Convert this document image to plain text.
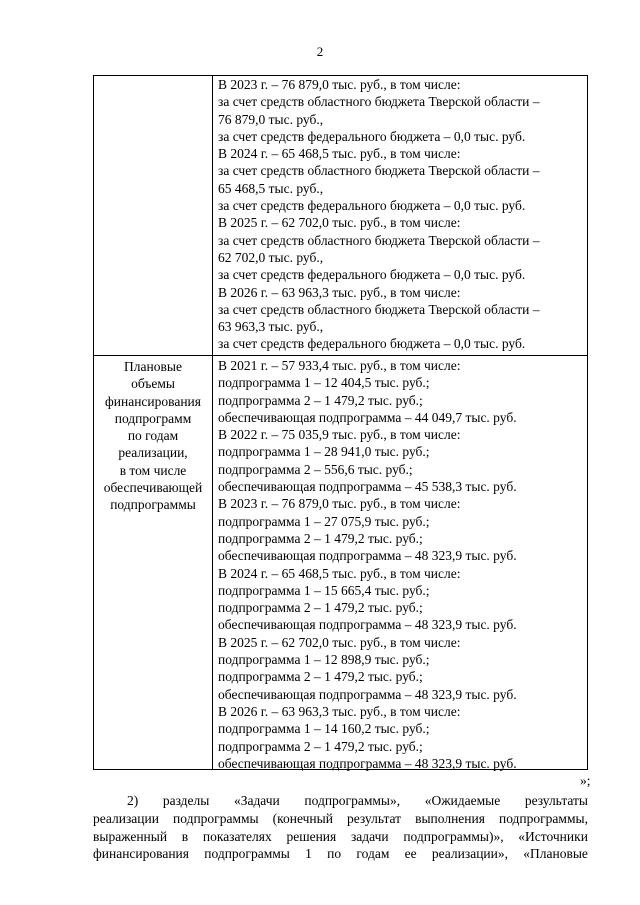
2
В 2023 г. – 76 879,0 тыс. руб., в том числе:
за счет средств областного бюджета Тверской области –
76 879,0 тыс. руб.,
за счет средств федерального бюджета – 0,0 тыс. руб.
В 2024 г. – 65 468,5 тыс. руб., в том числе:
за счет средств областного бюджета Тверской области –
65 468,5 тыс. руб.,
за счет средств федерального бюджета – 0,0 тыс. руб.
В 2025 г. – 62 702,0 тыс. руб., в том числе:
за счет средств областного бюджета Тверской области –
62 702,0 тыс. руб.,
за счет средств федерального бюджета – 0,0 тыс. руб.
В 2026 г. – 63 963,3 тыс. руб., в том числе:
за счет средств областного бюджета Тверской области –
63 963,3 тыс. руб.,
за счет средств федерального бюджета – 0,0 тыс. руб.
Плановые
объемы
финансирования
подпрограмм
по годам
реализации,
в том числе
обеспечивающей
подпрограммы
В 2021 г. – 57 933,4 тыс. руб., в том числе:
подпрограмма 1 – 12 404,5 тыс. руб.;
подпрограмма 2 – 1 479,2 тыс. руб.;
обеспечивающая подпрограмма – 44 049,7 тыс. руб.
В 2022 г. – 75 035,9 тыс. руб., в том числе:
подпрограмма 1 – 28 941,0 тыс. руб.;
подпрограмма 2 – 556,6 тыс. руб.;
обеспечивающая подпрограмма – 45 538,3 тыс. руб.
В 2023 г. – 76 879,0 тыс. руб., в том числе:
подпрограмма 1 – 27 075,9 тыс. руб.;
подпрограмма 2 – 1 479,2 тыс. руб.;
обеспечивающая подпрограмма – 48 323,9 тыс. руб.
В 2024 г. – 65 468,5 тыс. руб., в том числе:
подпрограмма 1 – 15 665,4 тыс. руб.;
подпрограмма 2 – 1 479,2 тыс. руб.;
обеспечивающая подпрограмма – 48 323,9 тыс. руб.
В 2025 г. – 62 702,0 тыс. руб., в том числе:
подпрограмма 1 – 12 898,9 тыс. руб.;
подпрограмма 2 – 1 479,2 тыс. руб.;
обеспечивающая подпрограмма – 48 323,9 тыс. руб.
В 2026 г. – 63 963,3 тыс. руб., в том числе:
подпрограмма 1 – 14 160,2 тыс. руб.;
подпрограмма 2 – 1 479,2 тыс. руб.;
обеспечивающая подпрограмма – 48 323,9 тыс. руб.
»;
2) разделы «Задачи подпрограммы», «Ожидаемые результаты
реализации подпрограммы (конечный результат выполнения подпрограммы,
выраженный в показателях решения задачи подпрограммы)», «Источники
финансирования подпрограммы 1 по годам ее реализации», «Плановые
